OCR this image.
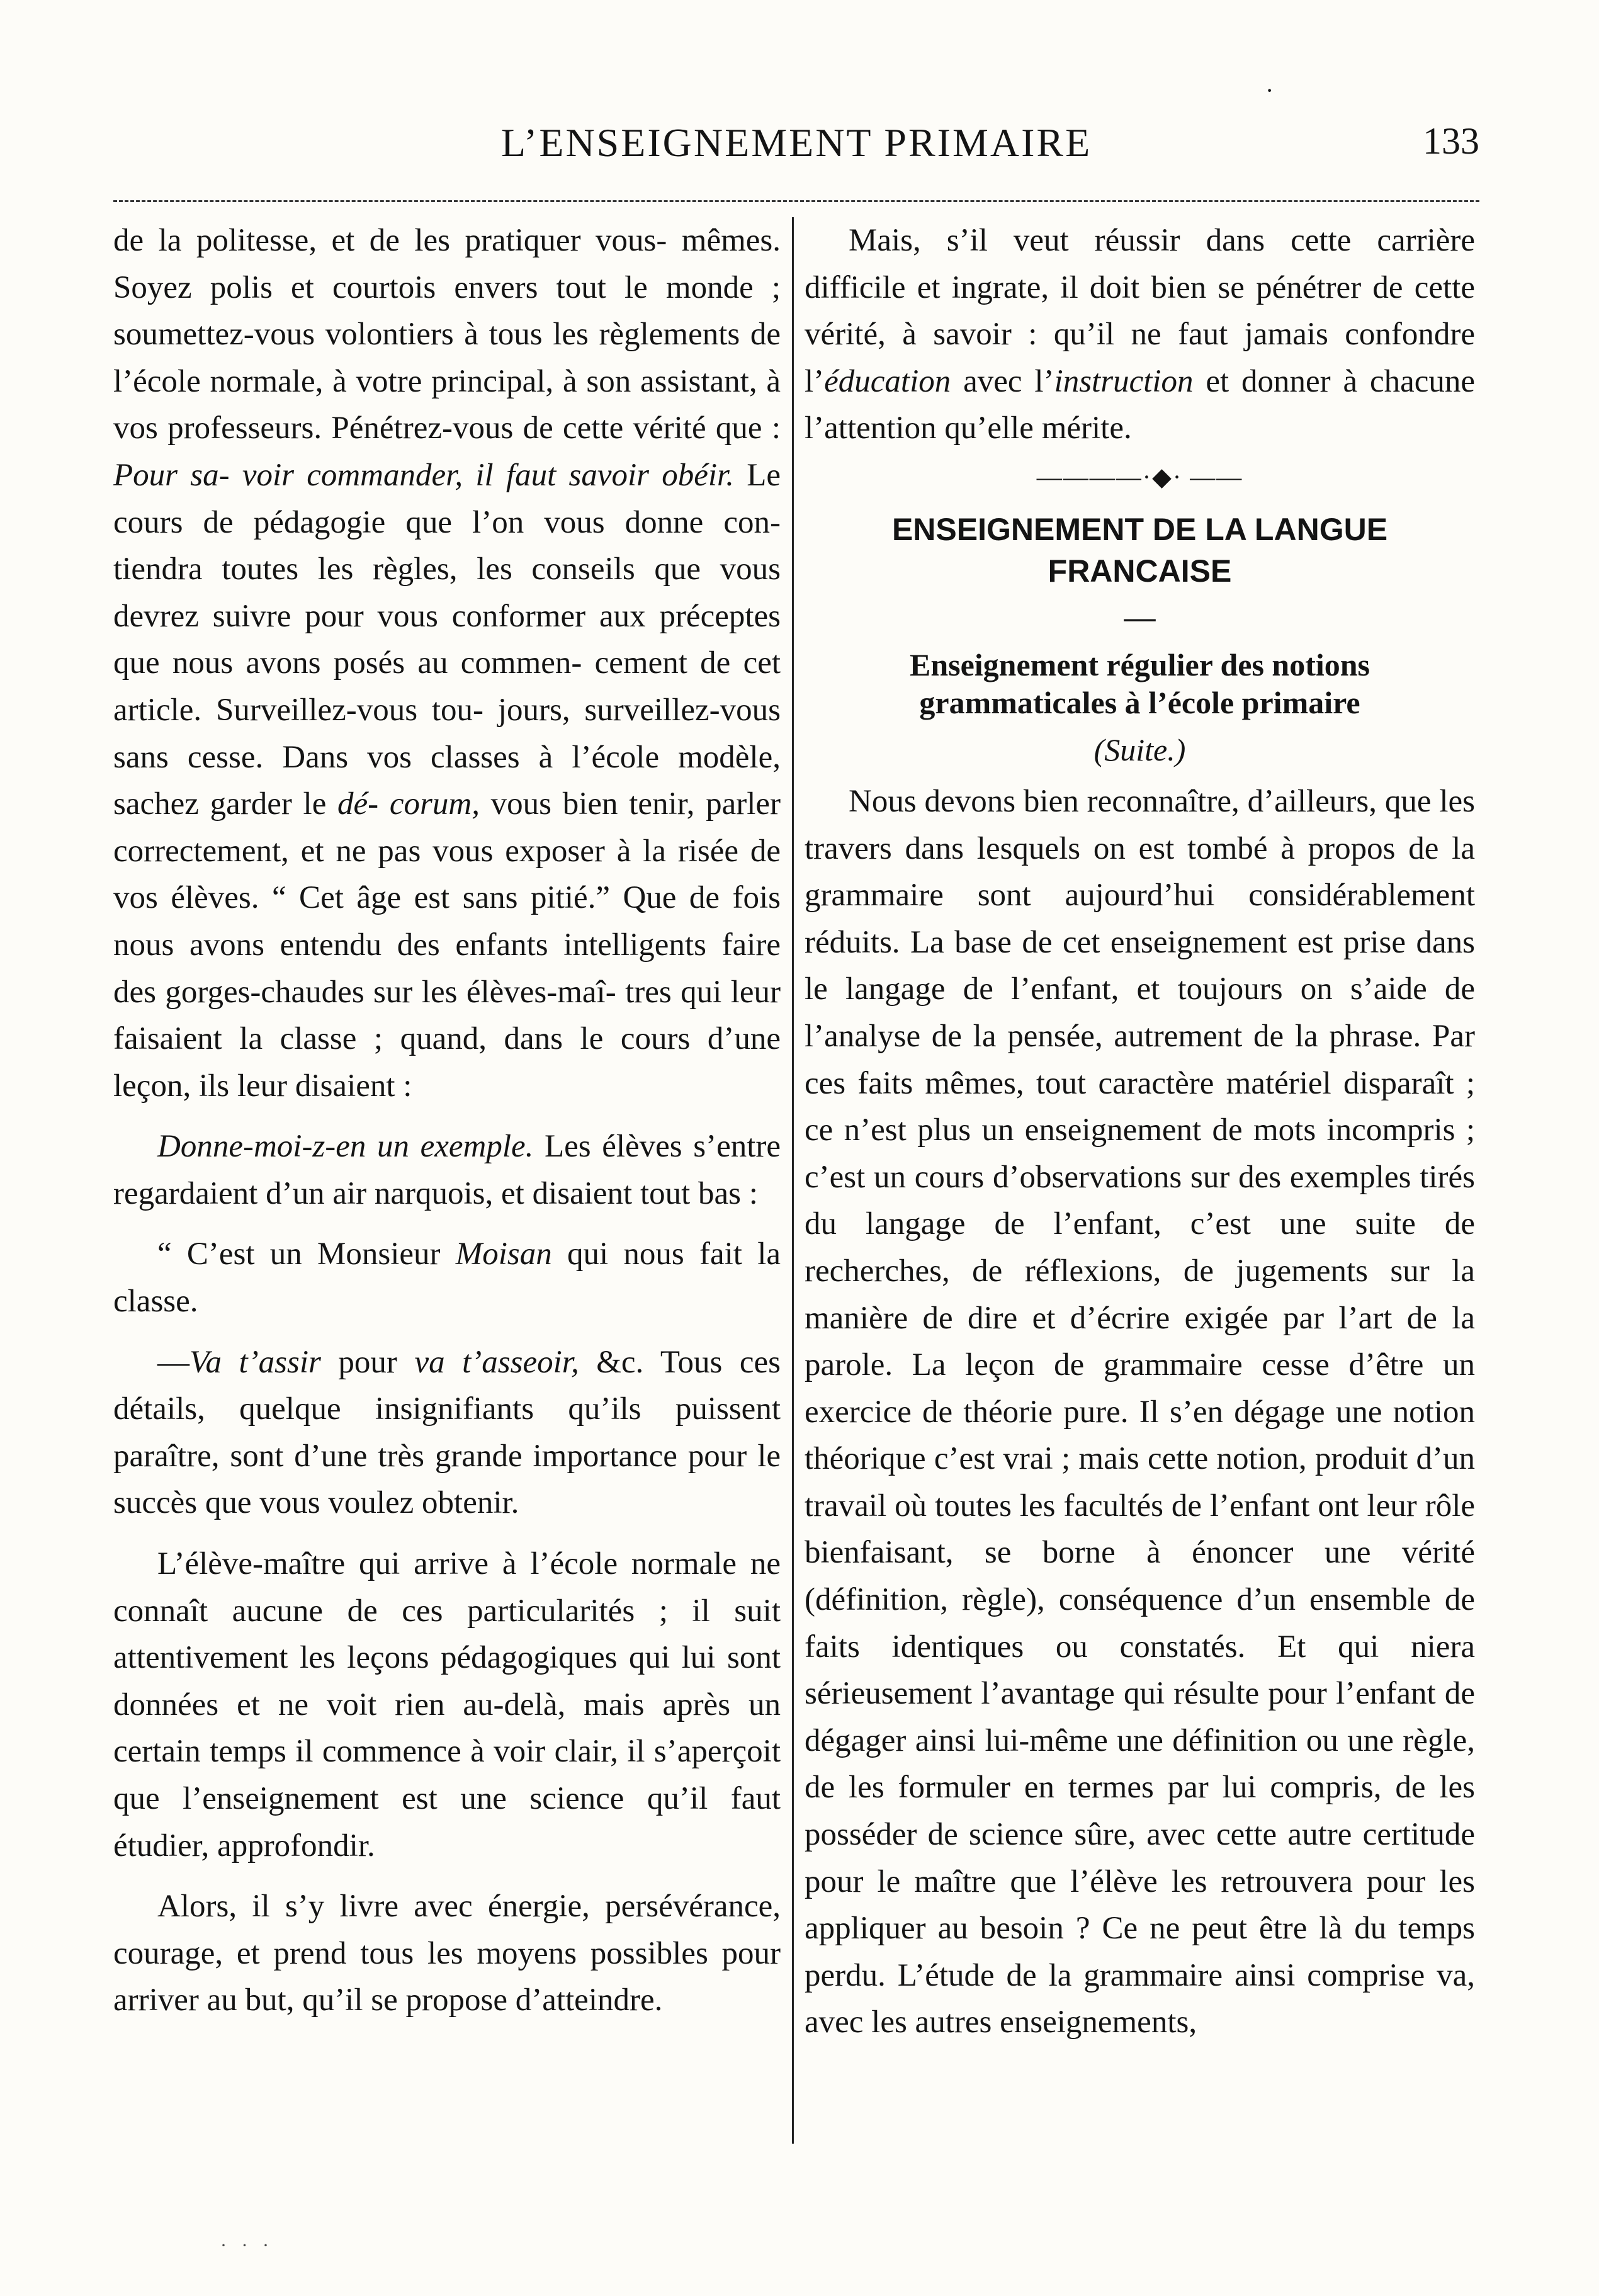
·
L’ENSEIGNEMENT PRIMAIRE	133

de la politesse, et de les pratiquer vous- mêmes. Soyez polis et courtois envers tout le monde ; soumettez-vous volontiers à tous les règlements de l’école normale, à votre principal, à son assistant, à vos professeurs. Pénétrez-vous de cette vérité que : Pour sa- voir commander, il faut savoir obéir. Le cours de pédagogie que l’on vous donne con- tiendra toutes les règles, les conseils que vous devrez suivre pour vous conformer aux préceptes que nous avons posés au commen- cement de cet article. Surveillez-vous tou- jours, surveillez-vous sans cesse. Dans vos classes à l’école modèle, sachez garder le dé- corum, vous bien tenir, parler correctement, et ne pas vous exposer à la risée de vos élèves. “ Cet âge est sans pitié.” Que de fois nous avons entendu des enfants intelligents faire des gorges-chaudes sur les élèves-maî- tres qui leur faisaient la classe ; quand, dans le cours d’une leçon, ils leur disaient :

Donne-moi-z-en un exemple. Les élèves s’entre regardaient d’un air narquois, et disaient tout bas :

“ C’est un Monsieur Moisan qui nous fait la classe.

—Va t’assir pour va t’asseoir, &c. Tous ces détails, quelque insignifiants qu’ils puissent paraître, sont d’une très grande importance pour le succès que vous voulez obtenir.

L’élève-maître qui arrive à l’école normale ne connaît aucune de ces particularités ; il suit attentivement les leçons pédagogiques qui lui sont données et ne voit rien au-delà, mais après un certain temps il commence à voir clair, il s’aperçoit que l’enseignement est une science qu’il faut étudier, approfondir.

Alors, il s’y livre avec énergie, persévérance, courage, et prend tous les moyens possibles pour arriver au but, qu’il se propose d’atteindre.

Mais, s’il veut réussir dans cette carrière difficile et ingrate, il doit bien se pénétrer de cette vérité, à savoir : qu’il ne faut jamais confondre l’éducation avec l’instruction et donner à chacune l’attention qu’elle mérite.

————·◆· ——

ENSEIGNEMENT DE LA LANGUE
FRANCAISE

—

Enseignement régulier des notions
grammaticales à l’école primaire

(Suite.)

Nous devons bien reconnaître, d’ailleurs, que les travers dans lesquels on est tombé à propos de la grammaire sont aujourd’hui considérablement réduits. La base de cet enseignement est prise dans le langage de l’enfant, et toujours on s’aide de l’analyse de la pensée, autrement de la phrase. Par ces faits mêmes, tout caractère matériel disparaît ; ce n’est plus un enseignement de mots incompris ; c’est un cours d’observations sur des exemples tirés du langage de l’enfant, c’est une suite de recherches, de réflexions, de jugements sur la manière de dire et d’écrire exigée par l’art de la parole. La leçon de grammaire cesse d’être un exercice de théorie pure. Il s’en dégage une notion théorique c’est vrai ; mais cette notion, produit d’un travail où toutes les facultés de l’enfant ont leur rôle bienfaisant, se borne à énoncer une vérité (définition, règle), conséquence d’un ensemble de faits identiques ou constatés. Et qui niera sérieusement l’avantage qui résulte pour l’enfant de dégager ainsi lui-même une définition ou une règle, de les formuler en termes par lui compris, de les posséder de science sûre, avec cette autre certitude pour le maître que l’élève les retrouvera pour les appliquer au besoin ? Ce ne peut être là du temps perdu. L’étude de la grammaire ainsi comprise va, avec les autres enseignements,

· · ·
